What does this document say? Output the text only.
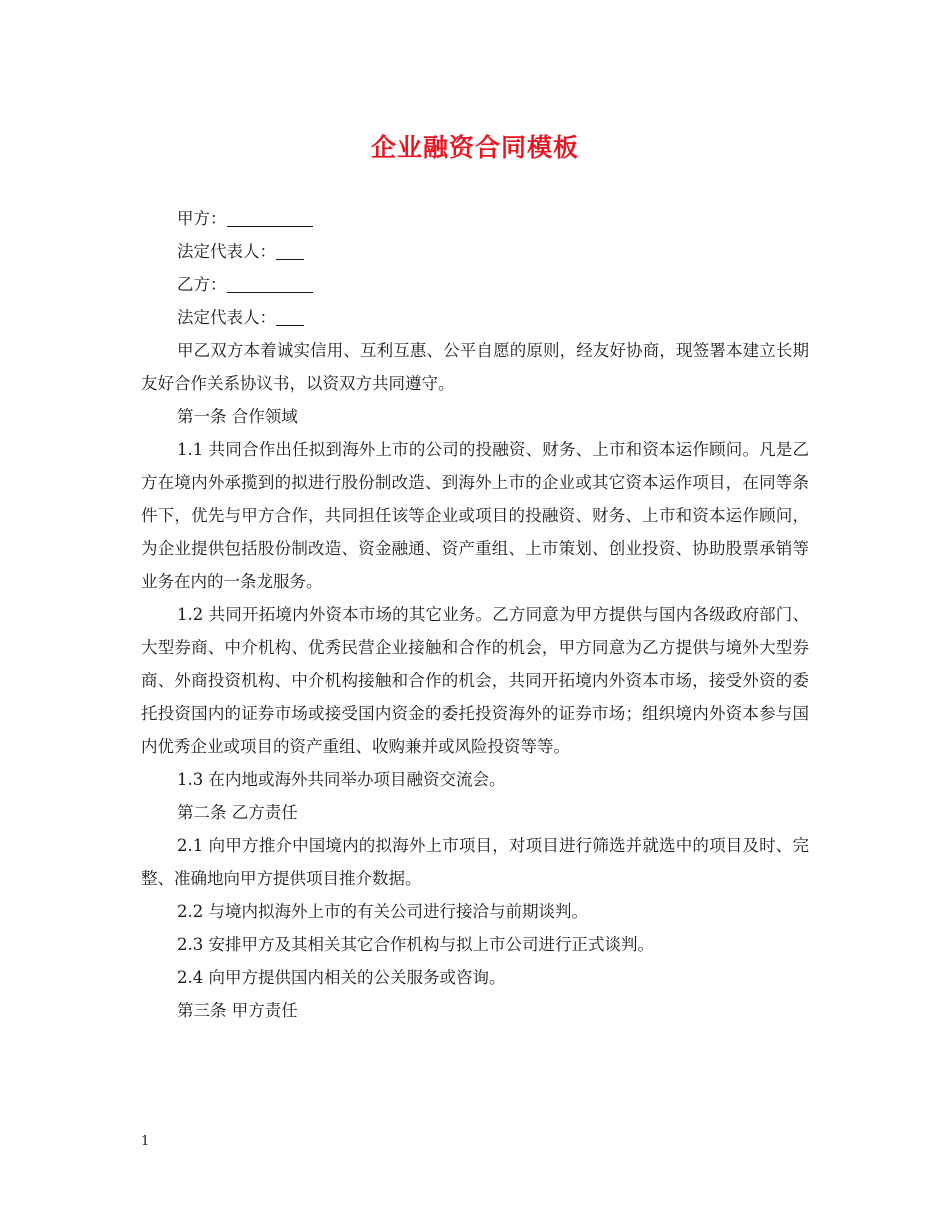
企业融资合同模板

甲方：

法定代表人：

乙方：

法定代表人：

甲乙双方本着诚实信用、互利互惠、公平自愿的原则，经友好协商，现签署本建立长期友好合作关系协议书，以资双方共同遵守。

第一条 合作领域

1.1 共同合作出任拟到海外上市的公司的投融资、财务、上市和资本运作顾问。凡是乙方在境内外承揽到的拟进行股份制改造、到海外上市的企业或其它资本运作项目，在同等条件下，优先与甲方合作，共同担任该等企业或项目的投融资、财务、上市和资本运作顾问，为企业提供包括股份制改造、资金融通、资产重组、上市策划、创业投资、协助股票承销等业务在内的一条龙服务。

1.2 共同开拓境内外资本市场的其它业务。乙方同意为甲方提供与国内各级政府部门、大型券商、中介机构、优秀民营企业接触和合作的机会，甲方同意为乙方提供与境外大型券商、外商投资机构、中介机构接触和合作的机会，共同开拓境内外资本市场，接受外资的委托投资国内的证券市场或接受国内资金的委托投资海外的证券市场；组织境内外资本参与国内优秀企业或项目的资产重组、收购兼并或风险投资等等。

1.3 在内地或海外共同举办项目融资交流会。

第二条 乙方责任

2.1 向甲方推介中国境内的拟海外上市项目，对项目进行筛选并就选中的项目及时、完整、准确地向甲方提供项目推介数据。

2.2 与境内拟海外上市的有关公司进行接洽与前期谈判。

2.3 安排甲方及其相关其它合作机构与拟上市公司进行正式谈判。

2.4 向甲方提供国内相关的公关服务或咨询。

第三条 甲方责任

1
